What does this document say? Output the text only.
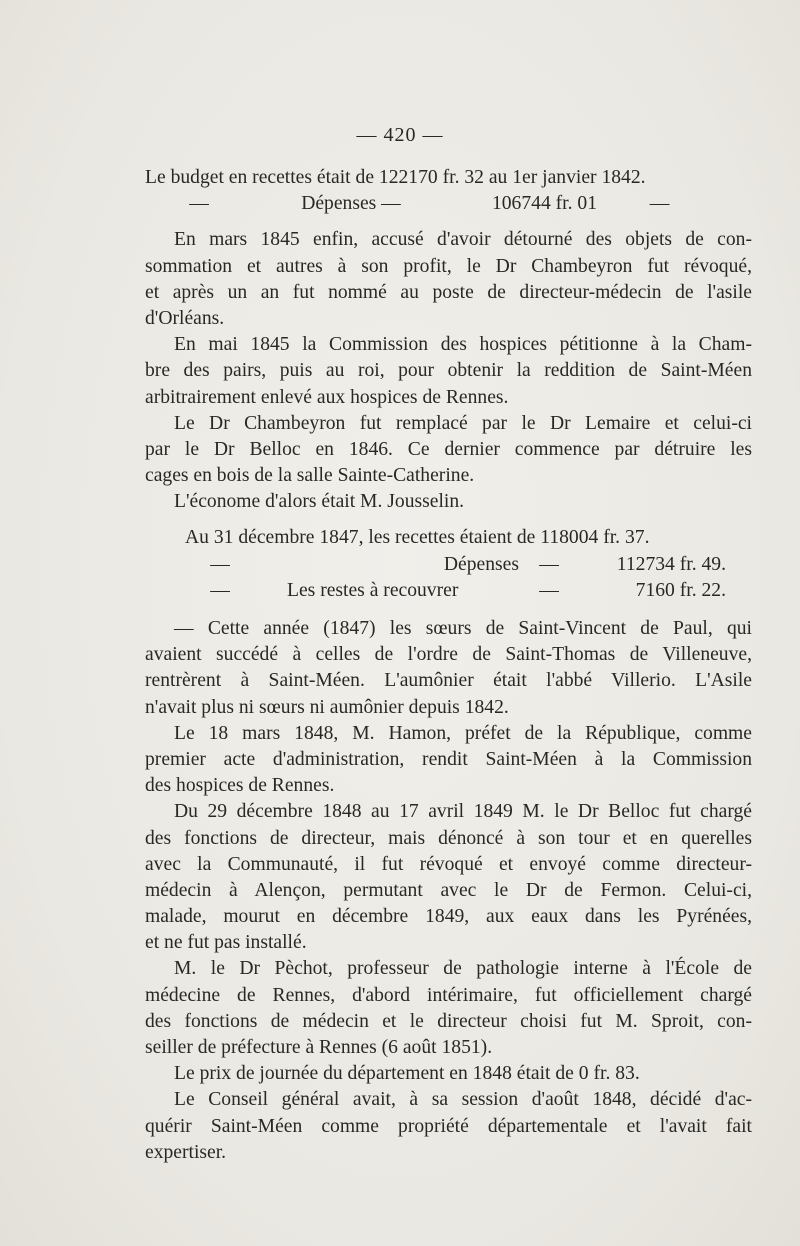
— 420 —
Le budget en recettes était de 122170 fr. 32 au 1er janvier 1842.
—	Dépenses —	106744 fr. 01	—
En mars 1845 enfin, accusé d'avoir détourné des objets de con-
sommation et autres à son profit, le Dr Chambeyron fut révoqué,
et après un an fut nommé au poste de directeur-médecin de l'asile
d'Orléans.
En mai 1845 la Commission des hospices pétitionne à la Cham-
bre des pairs, puis au roi, pour obtenir la reddition de Saint-Méen
arbitrairement enlevé aux hospices de Rennes.
Le Dr Chambeyron fut remplacé par le Dr Lemaire et celui-ci
par le Dr Belloc en 1846. Ce dernier commence par détruire les
cages en bois de la salle Sainte-Catherine.
L'économe d'alors était M. Jousselin.
Au 31 décembre 1847, les recettes étaient de 118004 fr. 37.
—	Dépenses	—	112734 fr. 49.
—	Les restes à recouvrer	—	7160 fr. 22.
— Cette année (1847) les sœurs de Saint-Vincent de Paul, qui
avaient succédé à celles de l'ordre de Saint-Thomas de Villeneuve,
rentrèrent à Saint-Méen. L'aumônier était l'abbé Villerio. L'Asile
n'avait plus ni sœurs ni aumônier depuis 1842.
Le 18 mars 1848, M. Hamon, préfet de la République, comme
premier acte d'administration, rendit Saint-Méen à la Commission
des hospices de Rennes.
Du 29 décembre 1848 au 17 avril 1849 M. le Dr Belloc fut chargé
des fonctions de directeur, mais dénoncé à son tour et en querelles
avec la Communauté, il fut révoqué et envoyé comme directeur-
médecin à Alençon, permutant avec le Dr de Fermon. Celui-ci,
malade, mourut en décembre 1849, aux eaux dans les Pyrénées,
et ne fut pas installé.
M. le Dr Pèchot, professeur de pathologie interne à l'École de
médecine de Rennes, d'abord intérimaire, fut officiellement chargé
des fonctions de médecin et le directeur choisi fut M. Sproit, con-
seiller de préfecture à Rennes (6 août 1851).
Le prix de journée du département en 1848 était de 0 fr. 83.
Le Conseil général avait, à sa session d'août 1848, décidé d'ac-
quérir Saint-Méen comme propriété départementale et l'avait fait
expertiser.
